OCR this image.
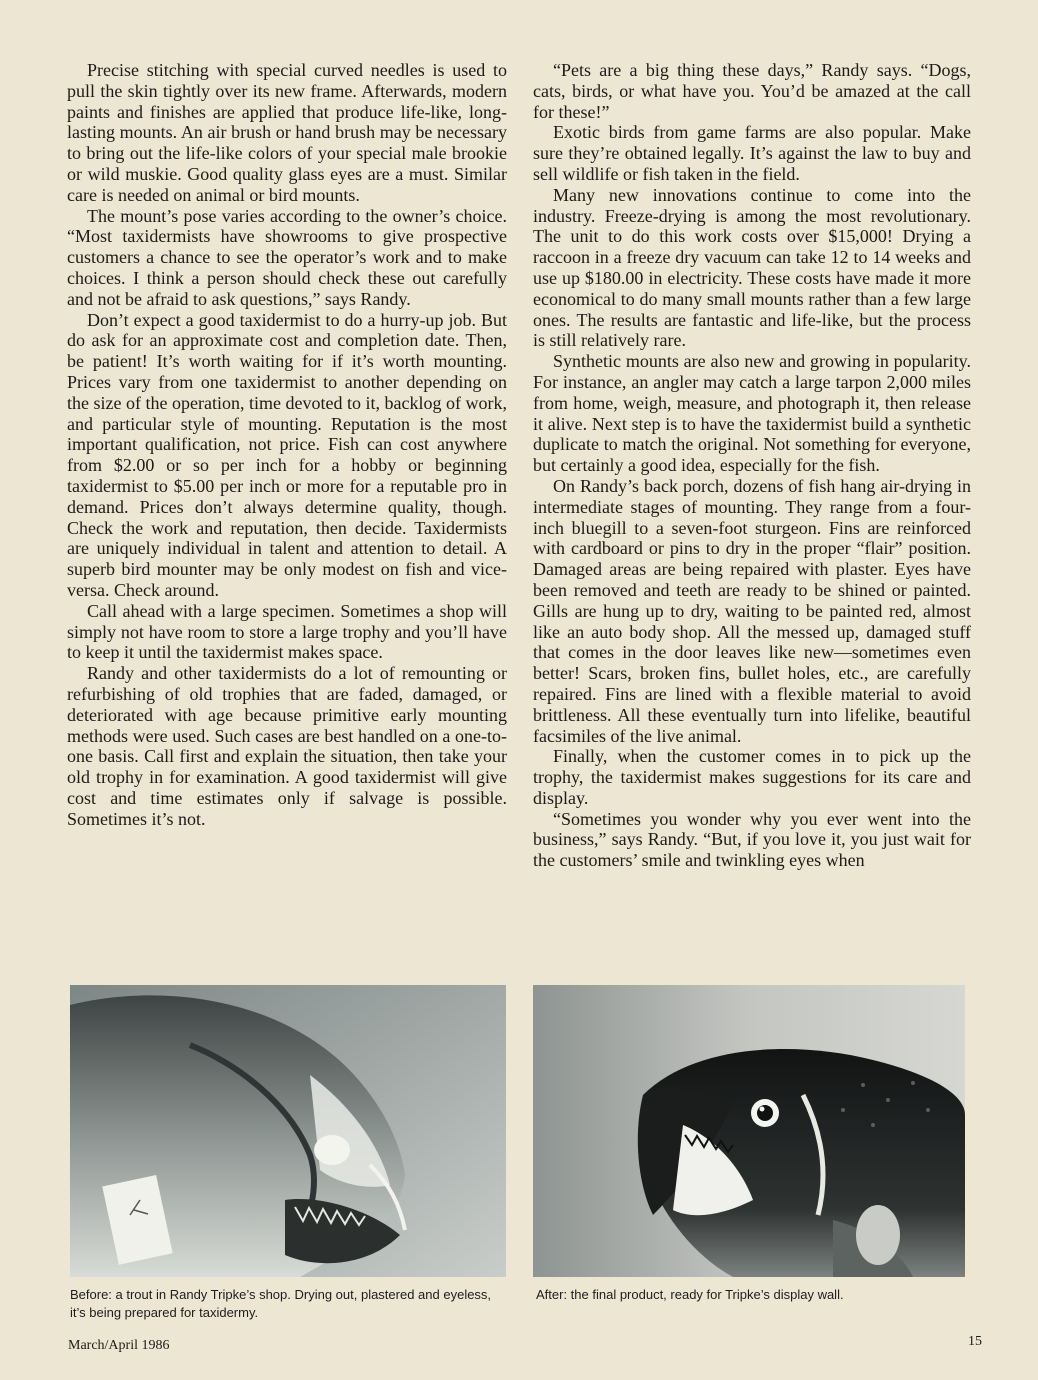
Precise stitching with special curved needles is used to pull the skin tightly over its new frame. Afterwards, modern paints and finishes are applied that produce life-like, long-lasting mounts. An air brush or hand brush may be necessary to bring out the life-like colors of your special male brookie or wild muskie. Good quality glass eyes are a must. Similar care is needed on animal or bird mounts.

The mount’s pose varies according to the owner’s choice. “Most taxidermists have showrooms to give prospective customers a chance to see the operator’s work and to make choices. I think a person should check these out carefully and not be afraid to ask questions,” says Randy.

Don’t expect a good taxidermist to do a hurry-up job. But do ask for an approximate cost and completion date. Then, be patient! It’s worth waiting for if it’s worth mounting. Prices vary from one taxidermist to another depending on the size of the operation, time devoted to it, backlog of work, and particular style of mounting. Reputation is the most important qualification, not price. Fish can cost anywhere from $2.00 or so per inch for a hobby or beginning taxidermist to $5.00 per inch or more for a reputable pro in demand. Prices don’t always determine quality, though. Check the work and reputation, then decide. Taxidermists are uniquely individual in talent and attention to detail. A superb bird mounter may be only modest on fish and vice-versa. Check around.

Call ahead with a large specimen. Sometimes a shop will simply not have room to store a large trophy and you’ll have to keep it until the taxidermist makes space.

Randy and other taxidermists do a lot of remounting or refurbishing of old trophies that are faded, damaged, or deteriorated with age because primitive early mounting methods were used. Such cases are best handled on a one-to-one basis. Call first and explain the situation, then take your old trophy in for examination. A good taxidermist will give cost and time estimates only if salvage is possible. Sometimes it’s not.

“Pets are a big thing these days,” Randy says. “Dogs, cats, birds, or what have you. You’d be amazed at the call for these!”

Exotic birds from game farms are also popular. Make sure they’re obtained legally. It’s against the law to buy and sell wildlife or fish taken in the field.

Many new innovations continue to come into the industry. Freeze-drying is among the most revolutionary. The unit to do this work costs over $15,000! Drying a raccoon in a freeze dry vacuum can take 12 to 14 weeks and use up $180.00 in electricity. These costs have made it more economical to do many small mounts rather than a few large ones. The results are fantastic and life-like, but the process is still relatively rare.

Synthetic mounts are also new and growing in popularity. For instance, an angler may catch a large tarpon 2,000 miles from home, weigh, measure, and photograph it, then release it alive. Next step is to have the taxidermist build a synthetic duplicate to match the original. Not something for everyone, but certainly a good idea, especially for the fish.

On Randy’s back porch, dozens of fish hang air-drying in intermediate stages of mounting. They range from a four-inch bluegill to a seven-foot sturgeon. Fins are reinforced with cardboard or pins to dry in the proper “flair” position. Damaged areas are being repaired with plaster. Eyes have been removed and teeth are ready to be shined or painted. Gills are hung up to dry, waiting to be painted red, almost like an auto body shop. All the messed up, damaged stuff that comes in the door leaves like new—sometimes even better! Scars, broken fins, bullet holes, etc., are carefully repaired. Fins are lined with a flexible material to avoid brittleness. All these eventually turn into lifelike, beautiful facsimiles of the live animal.

Finally, when the customer comes in to pick up the trophy, the taxidermist makes suggestions for its care and display.

“Sometimes you wonder why you ever went into the business,” says Randy. “But, if you love it, you just wait for the customers’ smile and twinkling eyes when

Before: a trout in Randy Tripke’s shop. Drying out, plastered and eyeless, it’s being prepared for taxidermy.
After: the final product, ready for Tripke’s display wall.
March/April 1986	15
